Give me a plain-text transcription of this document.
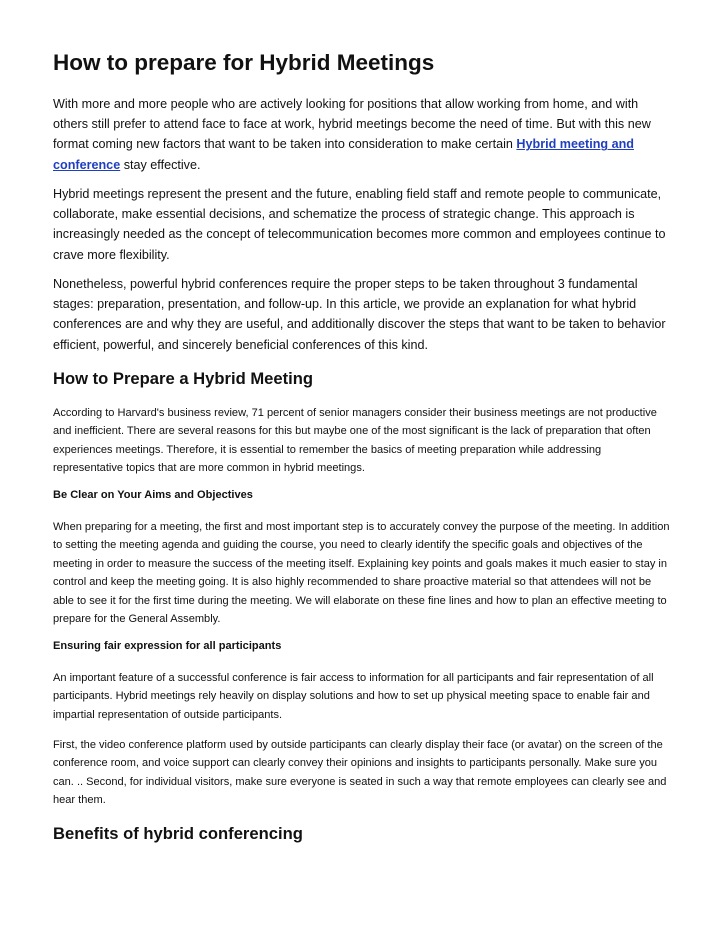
How to prepare for Hybrid Meetings

With more and more people who are actively looking for positions that allow working from home, and with others still prefer to attend face to face at work, hybrid meetings become the need of time. But with this new format coming new factors that want to be taken into consideration to make certain Hybrid meeting and conference stay effective.

Hybrid meetings represent the present and the future, enabling field staff and remote people to communicate, collaborate, make essential decisions, and schematize the process of strategic change. This approach is increasingly needed as the concept of telecommunication becomes more common and employees continue to crave more flexibility.

Nonetheless, powerful hybrid conferences require the proper steps to be taken throughout 3 fundamental stages: preparation, presentation, and follow-up. In this article, we provide an explanation for what hybrid conferences are and why they are useful, and additionally discover the steps that want to be taken to behavior efficient, powerful, and sincerely beneficial conferences of this kind.

How to Prepare a Hybrid Meeting

According to Harvard's business review, 71 percent of senior managers consider their business meetings are not productive and inefficient. There are several reasons for this but maybe one of the most significant is the lack of preparation that often experiences meetings. Therefore, it is essential to remember the basics of meeting preparation while addressing representative topics that are more common in hybrid meetings.

Be Clear on Your Aims and Objectives

When preparing for a meeting, the first and most important step is to accurately convey the purpose of the meeting. In addition to setting the meeting agenda and guiding the course, you need to clearly identify the specific goals and objectives of the meeting in order to measure the success of the meeting itself. Explaining key points and goals makes it much easier to stay in control and keep the meeting going. It is also highly recommended to share proactive material so that attendees will not be able to see it for the first time during the meeting. We will elaborate on these fine lines and how to plan an effective meeting to prepare for the General Assembly.

Ensuring fair expression for all participants

An important feature of a successful conference is fair access to information for all participants and fair representation of all participants. Hybrid meetings rely heavily on display solutions and how to set up physical meeting space to enable fair and impartial representation of outside participants.

First, the video conference platform used by outside participants can clearly display their face (or avatar) on the screen of the conference room, and voice support can clearly convey their opinions and insights to participants personally. Make sure you can. .. Second, for individual visitors, make sure everyone is seated in such a way that remote employees can clearly see and hear them.

Benefits of hybrid conferencing
